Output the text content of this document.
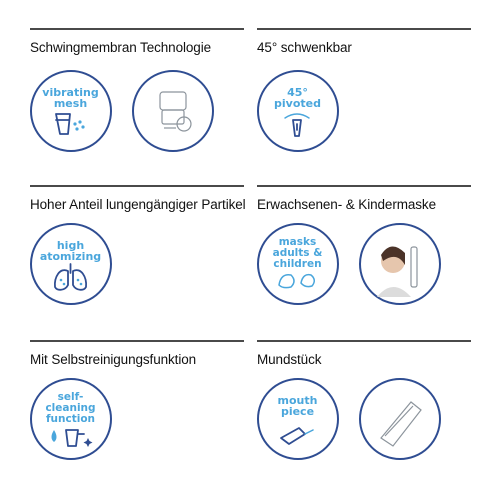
Schwingmembran Technologie
vibrating
mesh
45° schwenkbar
45°
pivoted
Hoher Anteil lungengängiger Partikel
high
atomizing
Erwachsenen- & Kindermaske
masks
adults &
children
Mit Selbstreinigungsfunktion
self-
cleaning
function
Mundstück
mouth
piece
